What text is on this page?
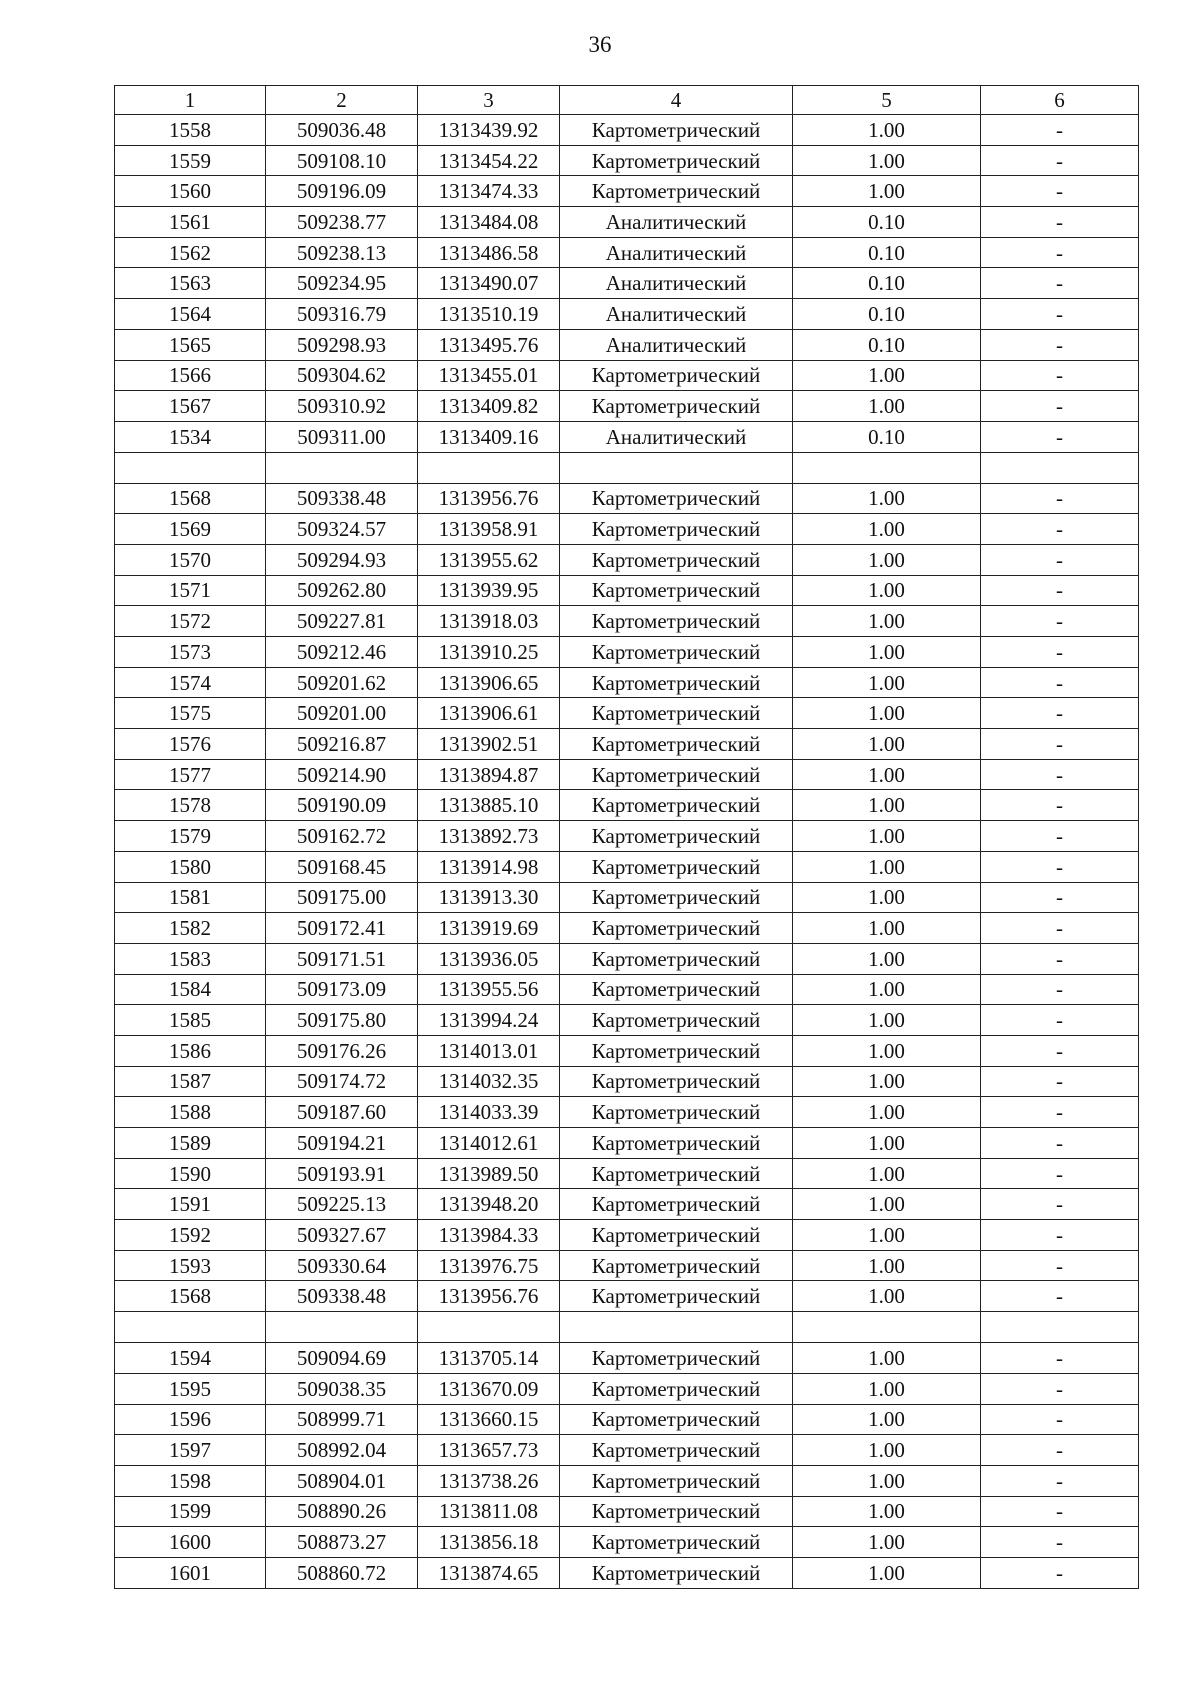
36
1	2	3	4	5	6
1558	509036.48	1313439.92	Картометрический	1.00	-
1559	509108.10	1313454.22	Картометрический	1.00	-
1560	509196.09	1313474.33	Картометрический	1.00	-
1561	509238.77	1313484.08	Аналитический	0.10	-
1562	509238.13	1313486.58	Аналитический	0.10	-
1563	509234.95	1313490.07	Аналитический	0.10	-
1564	509316.79	1313510.19	Аналитический	0.10	-
1565	509298.93	1313495.76	Аналитический	0.10	-
1566	509304.62	1313455.01	Картометрический	1.00	-
1567	509310.92	1313409.82	Картометрический	1.00	-
1534	509311.00	1313409.16	Аналитический	0.10	-

1568	509338.48	1313956.76	Картометрический	1.00	-
1569	509324.57	1313958.91	Картометрический	1.00	-
1570	509294.93	1313955.62	Картометрический	1.00	-
1571	509262.80	1313939.95	Картометрический	1.00	-
1572	509227.81	1313918.03	Картометрический	1.00	-
1573	509212.46	1313910.25	Картометрический	1.00	-
1574	509201.62	1313906.65	Картометрический	1.00	-
1575	509201.00	1313906.61	Картометрический	1.00	-
1576	509216.87	1313902.51	Картометрический	1.00	-
1577	509214.90	1313894.87	Картометрический	1.00	-
1578	509190.09	1313885.10	Картометрический	1.00	-
1579	509162.72	1313892.73	Картометрический	1.00	-
1580	509168.45	1313914.98	Картометрический	1.00	-
1581	509175.00	1313913.30	Картометрический	1.00	-
1582	509172.41	1313919.69	Картометрический	1.00	-
1583	509171.51	1313936.05	Картометрический	1.00	-
1584	509173.09	1313955.56	Картометрический	1.00	-
1585	509175.80	1313994.24	Картометрический	1.00	-
1586	509176.26	1314013.01	Картометрический	1.00	-
1587	509174.72	1314032.35	Картометрический	1.00	-
1588	509187.60	1314033.39	Картометрический	1.00	-
1589	509194.21	1314012.61	Картометрический	1.00	-
1590	509193.91	1313989.50	Картометрический	1.00	-
1591	509225.13	1313948.20	Картометрический	1.00	-
1592	509327.67	1313984.33	Картометрический	1.00	-
1593	509330.64	1313976.75	Картометрический	1.00	-
1568	509338.48	1313956.76	Картометрический	1.00	-

1594	509094.69	1313705.14	Картометрический	1.00	-
1595	509038.35	1313670.09	Картометрический	1.00	-
1596	508999.71	1313660.15	Картометрический	1.00	-
1597	508992.04	1313657.73	Картометрический	1.00	-
1598	508904.01	1313738.26	Картометрический	1.00	-
1599	508890.26	1313811.08	Картометрический	1.00	-
1600	508873.27	1313856.18	Картометрический	1.00	-
1601	508860.72	1313874.65	Картометрический	1.00	-
